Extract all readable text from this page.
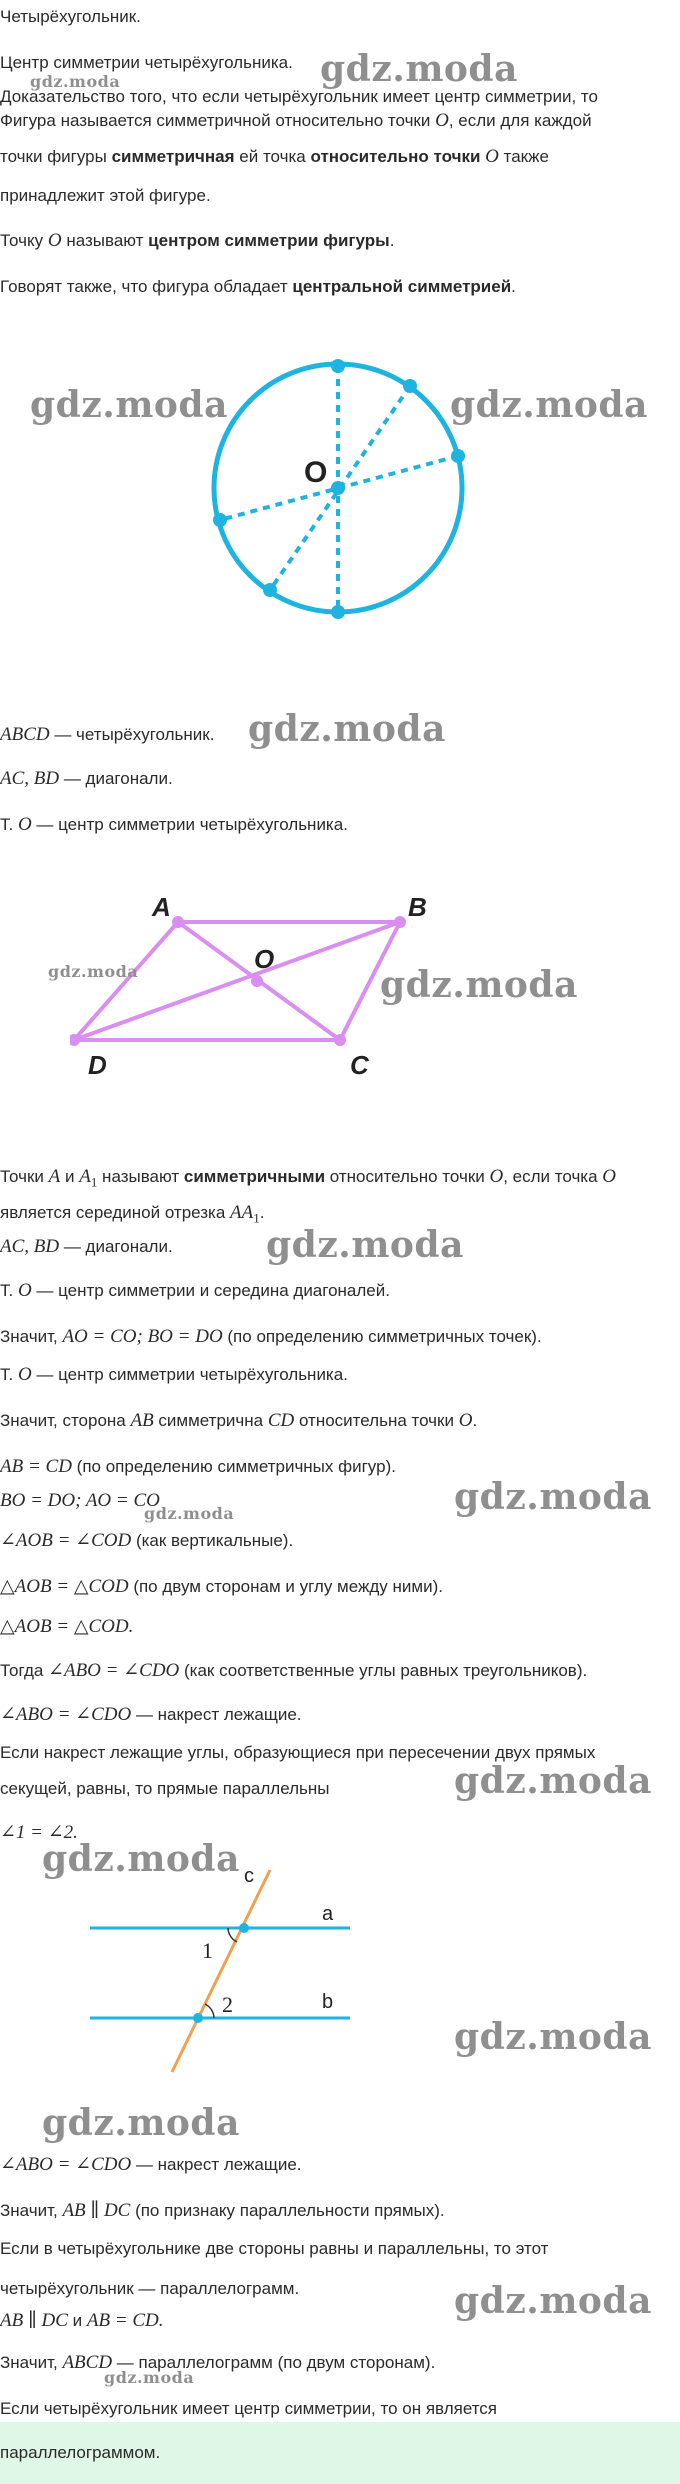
Четырёхугольник.
Центр симметрии четырёхугольника.
Доказательство того, что если четырёхугольник имеет центр симметрии, то
Фигура называется симметричной относительно точки O, если для каждой
точки фигуры симметричная ей точка относительно точки O также
принадлежит этой фигуре.
Точку O называют центром симметрии фигуры.
Говорят также, что фигура обладает центральной симметрией.
O
ABCD — четырёхугольник.
AC, BD — диагонали.
Т. O — центр симметрии четырёхугольника.
A	B
C
D
O
Точки A и $A_1$ называют симметричными относительно точки O, если точка O
является серединой отрезка $AA_1$.
AC, BD — диагонали.
Т. O — центр симметрии и середина диагоналей.
Значит, AO = CO; BO = DO (по определению симметричных точек).
Т. O — центр симметрии четырёхугольника.
Значит, сторона AB симметрична CD относительна точки O.
AB = CD (по определению симметричных фигур).
BO = DO; AO = CO
∠AOB = ∠COD (как вертикальные).
△AOB = △COD (по двум сторонам и углу между ними).
△AOB = △COD.
Тогда ∠ABO = ∠CDO (как соответственные углы равных треугольников).
∠ABO = ∠CDO — накрест лежащие.
Если накрест лежащие углы, образующиеся при пересечении двух прямых
секущей, равны, то прямые параллельны
∠1 = ∠2.
1
2
a
b
c
∠ABO = ∠CDO — накрест лежащие.
Значит, AB ∥ DC (по признаку параллельности прямых).
Если в четырёхугольнике две стороны равны и параллельны, то этот
четырёхугольник — параллелограмм.
AB ∥ DC и AB = CD.
Значит, ABCD — параллелограмм (по двум сторонам).
Если четырёхугольник имеет центр симметрии, то он является
параллелограммом.
gdz.moda
gdz.moda
gdz.moda	gdz.moda
gdz.moda
gdz.moda	gdz.moda
gdz.moda
gdz.moda
gdz.moda
gdz.moda
gdz.moda
gdz.moda
gdz.moda
gdz.moda
gdz.moda
